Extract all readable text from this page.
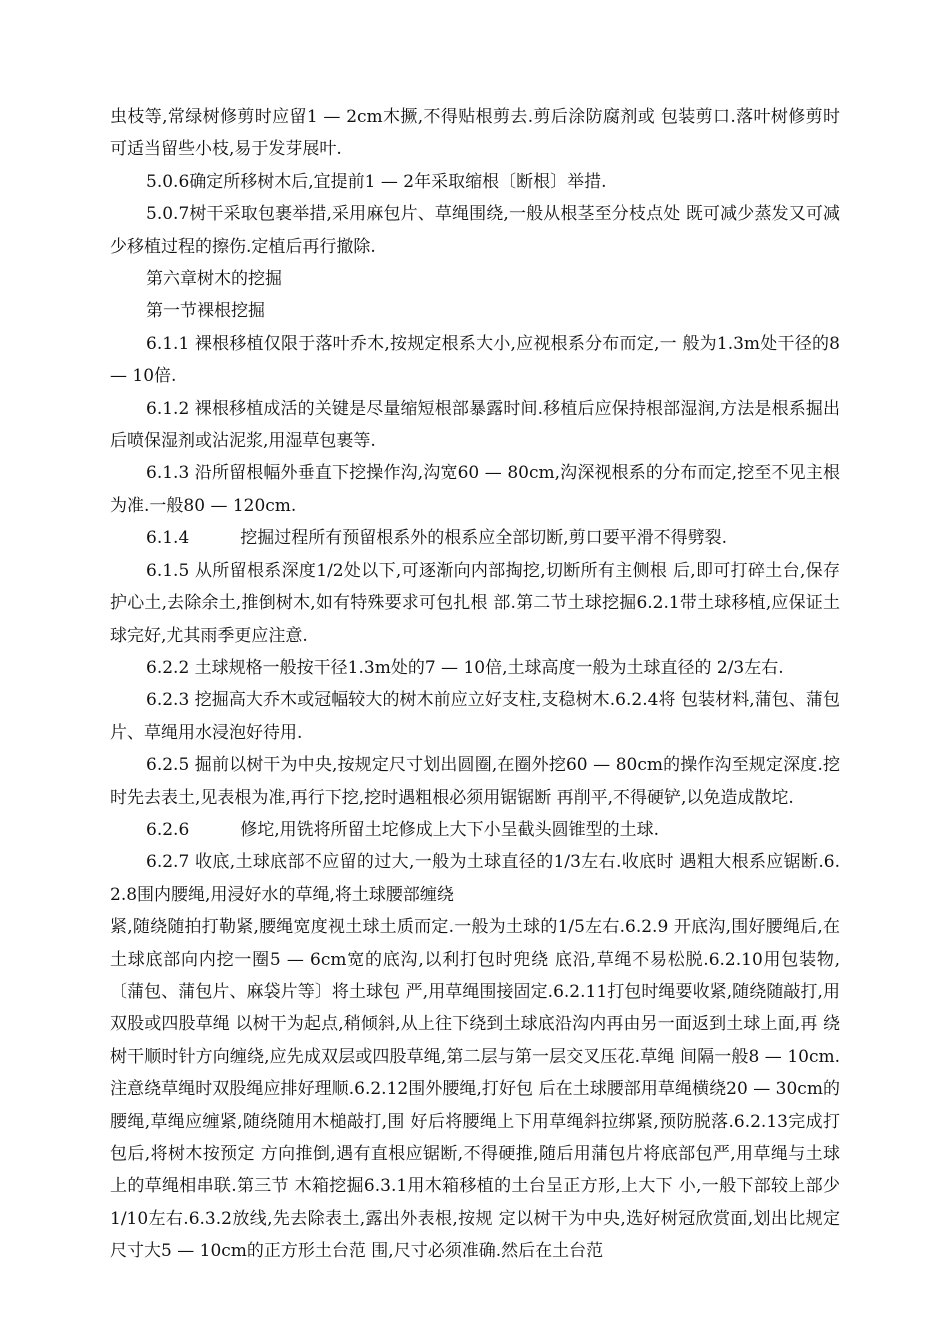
虫枝等,常绿树修剪时应留1 — 2cm木撅,不得贴根剪去.剪后涂防腐剂或 包装剪口.落叶树修剪时可适当留些小枝,易于发芽展叶.

5.0.6确定所移树木后,宜提前1 — 2年采取缩根〔断根〕举措.

5.0.7树干采取包裹举措,采用麻包片、草绳围绕,一般从根茎至分枝点处 既可减少蒸发又可减少移植过程的擦伤.定植后再行撤除.

第六章树木的挖掘

第一节裸根挖掘

6.1.1 裸根移植仅限于落叶乔木,按规定根系大小,应视根系分布而定,一 般为1.3m处干径的8 — 10倍.

6.1.2 裸根移植成活的关键是尽量缩短根部暴露时间.移植后应保持根部湿润,方法是根系掘出后喷保湿剂或沾泥浆,用湿草包裹等.

6.1.3 沿所留根幅外垂直下挖操作沟,沟宽60 — 80cm,沟深视根系的分布而定,挖至不见主根为准.一般80 — 120cm.

6.1.4　　　挖掘过程所有预留根系外的根系应全部切断,剪口要平滑不得劈裂.

6.1.5 从所留根系深度1/2处以下,可逐渐向内部掏挖,切断所有主侧根 后,即可打碎土台,保存护心土,去除余土,推倒树木,如有特殊要求可包扎根 部.第二节土球挖掘6.2.1带土球移植,应保证土球完好,尤其雨季更应注意.

6.2.2 土球规格一般按干径1.3m处的7 — 10倍,土球高度一般为土球直径的 2/3左右.

6.2.3 挖掘高大乔木或冠幅较大的树木前应立好支柱,支稳树木.6.2.4将 包装材料,蒲包、蒲包片、草绳用水浸泡好待用.

6.2.5 掘前以树干为中央,按规定尺寸划出圆圈,在圈外挖60 — 80cm的操作沟至规定深度.挖时先去表土,见表根为准,再行下挖,挖时遇粗根必须用锯锯断 再削平,不得硬铲,以免造成散坨.

6.2.6　　　修坨,用铣将所留土坨修成上大下小呈截头圆锥型的土球.

6.2.7 收底,土球底部不应留的过大,一般为土球直径的1/3左右.收底时 遇粗大根系应锯断.6.2.8围内腰绳,用浸好水的草绳,将土球腰部缠绕

紧,随绕随拍打勒紧,腰绳宽度视土球土质而定.一般为土球的1/5左右.6.2.9 开底沟,围好腰绳后,在土球底部向内挖一圈5 — 6cm宽的底沟,以利打包时兜绕 底沿,草绳不易松脱.6.2.10用包装物,〔蒲包、蒲包片、麻袋片等〕将土球包 严,用草绳围接固定.6.2.11打包时绳要收紧,随绕随敲打,用双股或四股草绳 以树干为起点,稍倾斜,从上往下绕到土球底沿沟内再由另一面返到土球上面,再 绕树干顺时针方向缠绕,应先成双层或四股草绳,第二层与第一层交叉压花.草绳 间隔一般8 — 10cm.注意绕草绳时双股绳应排好理顺.6.2.12围外腰绳,打好包 后在土球腰部用草绳横绕20 — 30cm的腰绳,草绳应缠紧,随绕随用木槌敲打,围 好后将腰绳上下用草绳斜拉绑紧,预防脱落.6.2.13完成打包后,将树木按预定 方向推倒,遇有直根应锯断,不得硬推,随后用蒲包片将底部包严,用草绳与土球 上的草绳相串联.第三节 木箱挖掘6.3.1用木箱移植的土台呈正方形,上大下 小,一般下部较上部少1/10左右.6.3.2放线,先去除表土,露出外表根,按规 定以树干为中央,选好树冠欣赏面,划出比规定尺寸大5 — 10cm的正方形土台范 围,尺寸必须准确.然后在土台范
